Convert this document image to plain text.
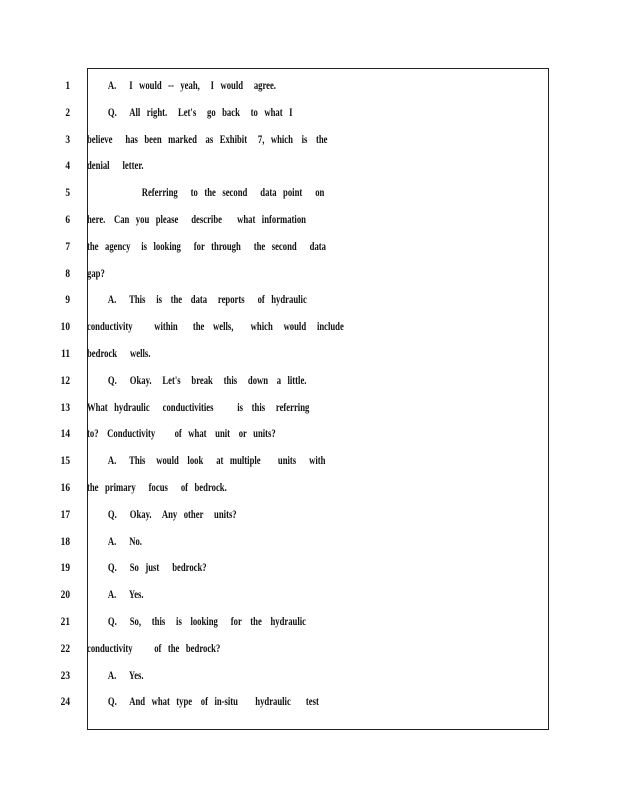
1
2
3
4
5
6
7
8
9
10
11
12
13
14
15
16
17
18
19
20
21
22
23
24
A.      I   would   --   yeah,     I   would     agree.
Q.      All   right.     Let's     go   back     to   what   I
believe      has   been   marked    as   Exhibit     7,   which    is    the
denial      letter.
Referring      to   the   second      data   point      on
here.    Can   you   please      describe       what   information
the   agency     is   looking      for   through      the   second      data
gap?
A.      This     is    the    data     reports      of   hydraulic
conductivity          within       the    wells,        which     would     include
bedrock      wells.
Q.      Okay.     Let's     break     this     down    a   little.
What   hydraulic      conductivities           is    this     referring
to?    Conductivity         of   what    unit    or   units?
A.      This     would    look      at   multiple        units      with
the   primary      focus      of   bedrock.
Q.      Okay.     Any   other     units?
A.      No.
Q.      So   just      bedrock?
A.      Yes.
Q.      So,     this     is    looking      for    the    hydraulic
conductivity          of   the   bedrock?
A.      Yes.
Q.      And   what   type    of   in-situ        hydraulic       test
